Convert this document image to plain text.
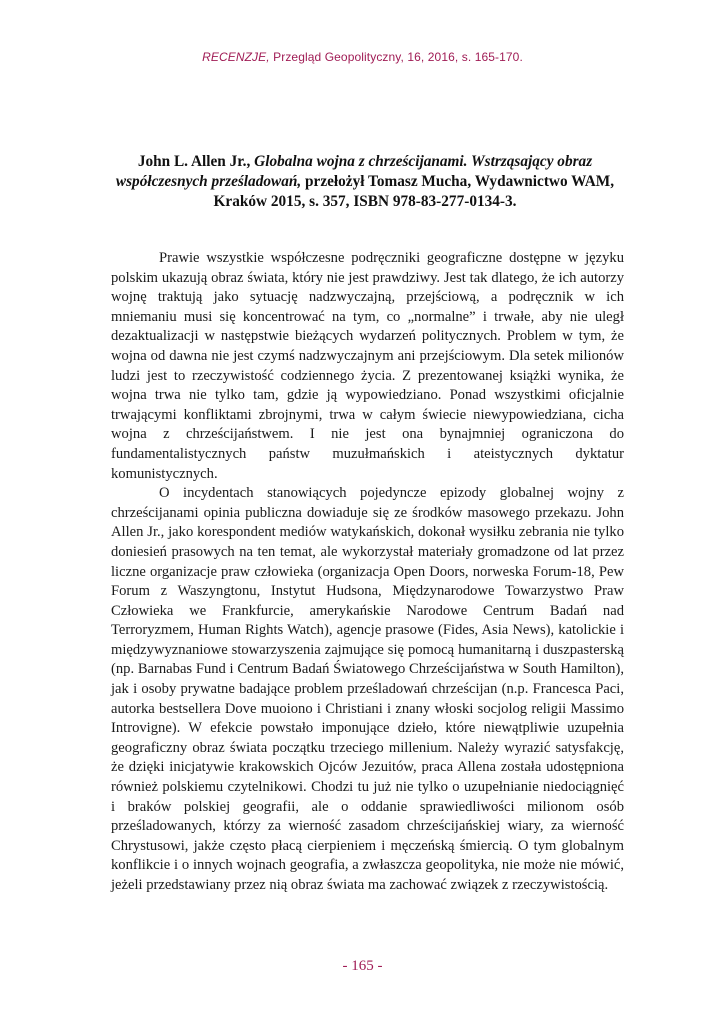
RECENZJE, Przegląd Geopolityczny, 16, 2016, s. 165-170.
John L. Allen Jr., Globalna wojna z chrześcijanami. Wstrząsający obraz współczesnych prześladowań, przełożył Tomasz Mucha, Wydawnictwo WAM, Kraków 2015, s. 357, ISBN 978-83-277-0134-3.

Prawie wszystkie współczesne podręczniki geograficzne dostępne w języku polskim ukazują obraz świata, który nie jest prawdziwy. Jest tak dlatego, że ich autorzy wojnę traktują jako sytuację nadzwyczajną, przejściową, a podręcznik w ich mniemaniu musi się koncentrować na tym, co „normalne” i trwałe, aby nie uległ dezaktualizacji w następstwie bieżących wydarzeń politycznych. Problem w tym, że wojna od dawna nie jest czymś nadzwyczajnym ani przejściowym. Dla setek milionów ludzi jest to rzeczywistość codziennego życia. Z prezentowanej książki wynika, że wojna trwa nie tylko tam, gdzie ją wypowiedziano. Ponad wszystkimi oficjalnie trwającymi konfliktami zbrojnymi, trwa w całym świecie niewypowiedziana, cicha wojna z chrześcijaństwem. I nie jest ona bynajmniej ograniczona do fundamentalistycznych państw muzułmańskich i ateistycznych dyktatur komunistycznych.

O incydentach stanowiących pojedyncze epizody globalnej wojny z chrześcijanami opinia publiczna dowiaduje się ze środków masowego przekazu. John Allen Jr., jako korespondent mediów watykańskich, dokonał wysiłku zebrania nie tylko doniesień prasowych na ten temat, ale wykorzystał materiały gromadzone od lat przez liczne organizacje praw człowieka (organizacja Open Doors, norweska Forum-18, Pew Forum z Waszyngtonu, Instytut Hudsona, Międzynarodowe Towarzystwo Praw Człowieka we Frankfurcie, amerykańskie Narodowe Centrum Badań nad Terroryzmem, Human Rights Watch), agencje prasowe (Fides, Asia News), katolickie i międzywyznaniowe stowarzyszenia zajmujące się pomocą humanitarną i duszpasterską (np. Barnabas Fund i Centrum Badań Światowego Chrześcijaństwa w South Hamilton), jak i osoby prywatne badające problem prześladowań chrześcijan (n.p. Francesca Paci, autorka bestsellera Dove muoiono i Christiani i znany włoski socjolog religii Massimo Introvigne). W efekcie powstało imponujące dzieło, które niewątpliwie uzupełnia geograficzny obraz świata początku trzeciego millenium. Należy wyrazić satysfakcję, że dzięki inicjatywie krakowskich Ojców Jezuitów, praca Allena została udostępniona również polskiemu czytelnikowi. Chodzi tu już nie tylko o uzupełnianie niedociągnięć i braków polskiej geografii, ale o oddanie sprawiedliwości milionom osób prześladowanych, którzy za wierność zasadom chrześcijańskiej wiary, za wierność Chrystusowi, jakże często płacą cierpieniem i męczeńską śmiercią. O tym globalnym konflikcie i o innych wojnach geografia, a zwłaszcza geopolityka, nie może nie mówić, jeżeli przedstawiany przez nią obraz świata ma zachować związek z rzeczywistością.

- 165 -
